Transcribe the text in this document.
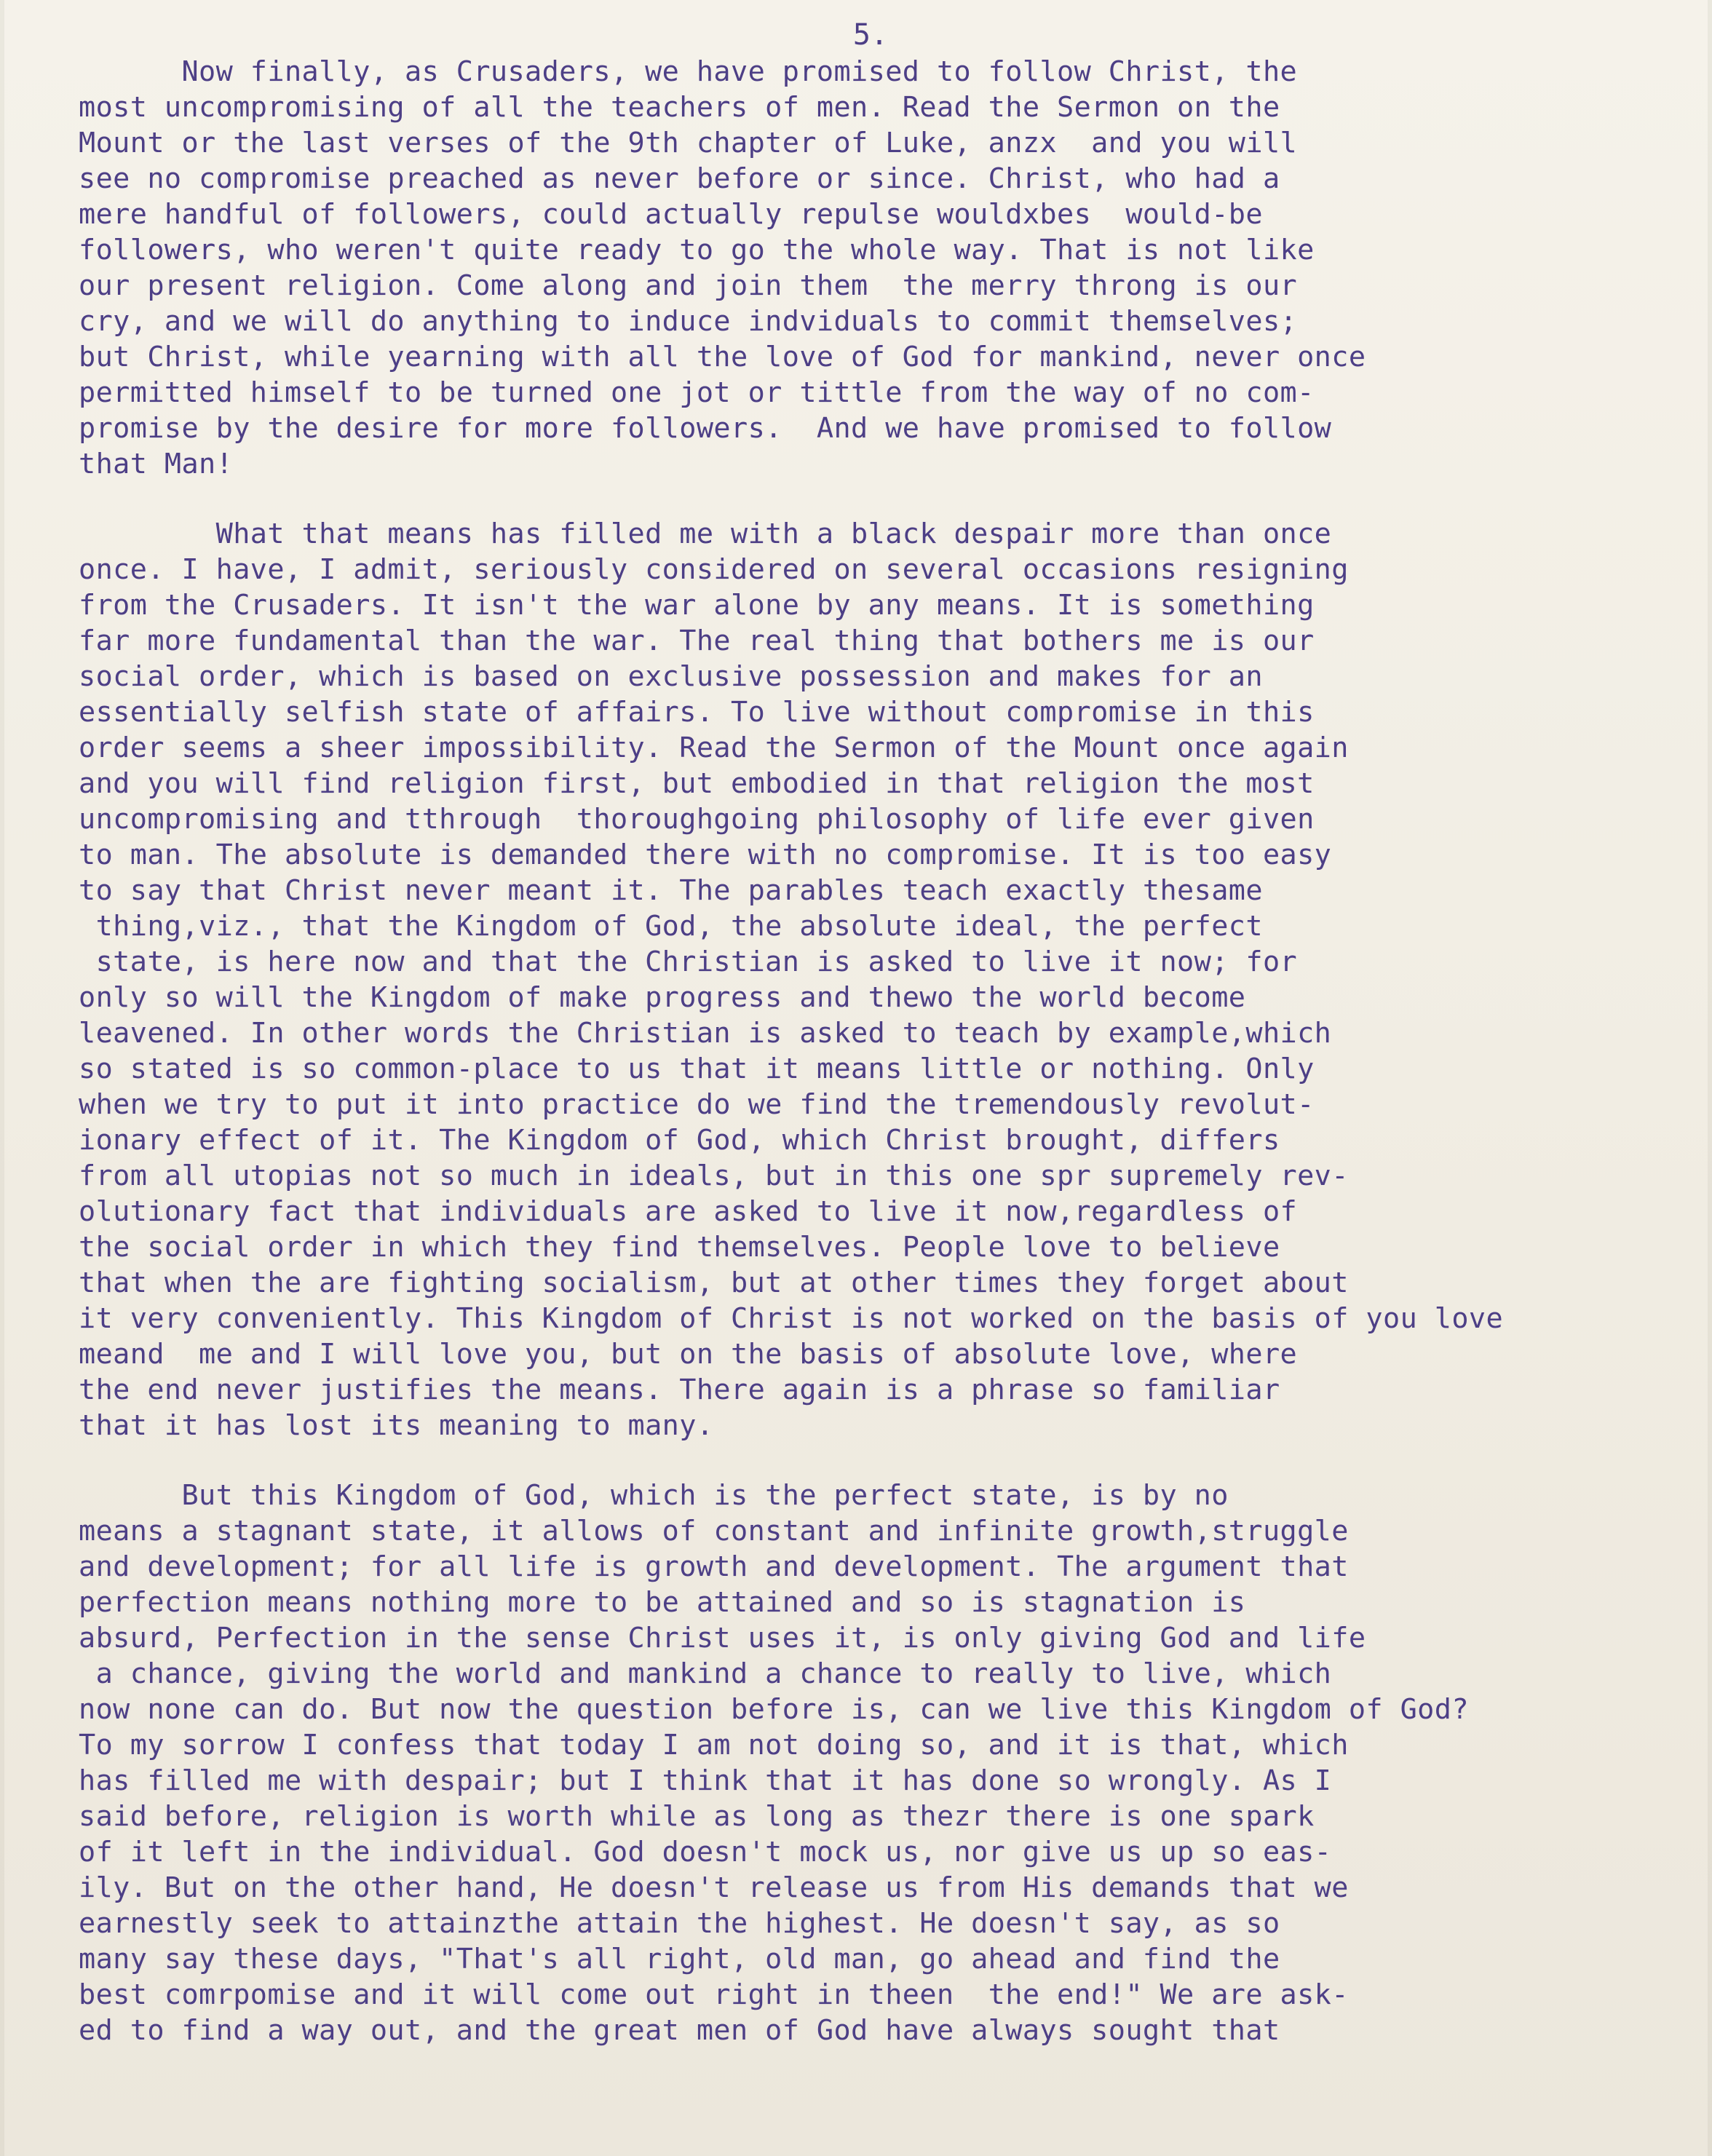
5.
Now finally, as Crusaders, we have promised to follow Christ, the
most uncompromising of all the teachers of men. Read the Sermon on the
Mount or the last verses of the 9th chapter of Luke, anzx  and you will
see no compromise preached as never before or since. Christ, who had a
mere handful of followers, could actually repulse wouldxbes  would-be
followers, who weren't quite ready to go the whole way. That is not like
our present religion. Come along and join them  the merry throng is our
cry, and we will do anything to induce indviduals to commit themselves;
but Christ, while yearning with all the love of God for mankind, never once
permitted himself to be turned one jot or tittle from the way of no com-
promise by the desire for more followers.  And we have promised to follow
that Man!
What that means has filled me with a black despair more than once
once. I have, I admit, seriously considered on several occasions resigning
from the Crusaders. It isn't the war alone by any means. It is something
far more fundamental than the war. The real thing that bothers me is our
social order, which is based on exclusive possession and makes for an
essentially selfish state of affairs. To live without compromise in this
order seems a sheer impossibility. Read the Sermon of the Mount once again
and you will find religion first, but embodied in that religion the most
uncompromising and tthrough  thoroughgoing philosophy of life ever given
to man. The absolute is demanded there with no compromise. It is too easy
to say that Christ never meant it. The parables teach exactly thesame
thing,viz., that the Kingdom of God, the absolute ideal, the perfect
state, is here now and that the Christian is asked to live it now; for
only so will the Kingdom of make progress and thewo the world become
leavened. In other words the Christian is asked to teach by example,which
so stated is so common-place to us that it means little or nothing. Only
when we try to put it into practice do we find the tremendously revolut-
ionary effect of it. The Kingdom of God, which Christ brought, differs
from all utopias not so much in ideals, but in this one spr supremely rev-
olutionary fact that individuals are asked to live it now,regardless of
the social order in which they find themselves. People love to believe
that when the are fighting socialism, but at other times they forget about
it very conveniently. This Kingdom of Christ is not worked on the basis of you love
meand  me and I will love you, but on the basis of absolute love, where
the end never justifies the means. There again is a phrase so familiar
that it has lost its meaning to many.
But this Kingdom of God, which is the perfect state, is by no
means a stagnant state, it allows of constant and infinite growth,struggle
and development; for all life is growth and development. The argument that
perfection means nothing more to be attained and so is stagnation is
absurd, Perfection in the sense Christ uses it, is only giving God and life
a chance, giving the world and mankind a chance to really to live, which
now none can do. But now the question before is, can we live this Kingdom of God?
To my sorrow I confess that today I am not doing so, and it is that, which
has filled me with despair; but I think that it has done so wrongly. As I
said before, religion is worth while as long as thezr there is one spark
of it left in the individual. God doesn't mock us, nor give us up so eas-
ily. But on the other hand, He doesn't release us from His demands that we
earnestly seek to attainzthe attain the highest. He doesn't say, as so
many say these days, "That's all right, old man, go ahead and find the
best comrpomise and it will come out right in theen  the end!" We are ask-
ed to find a way out, and the great men of God have always sought that
